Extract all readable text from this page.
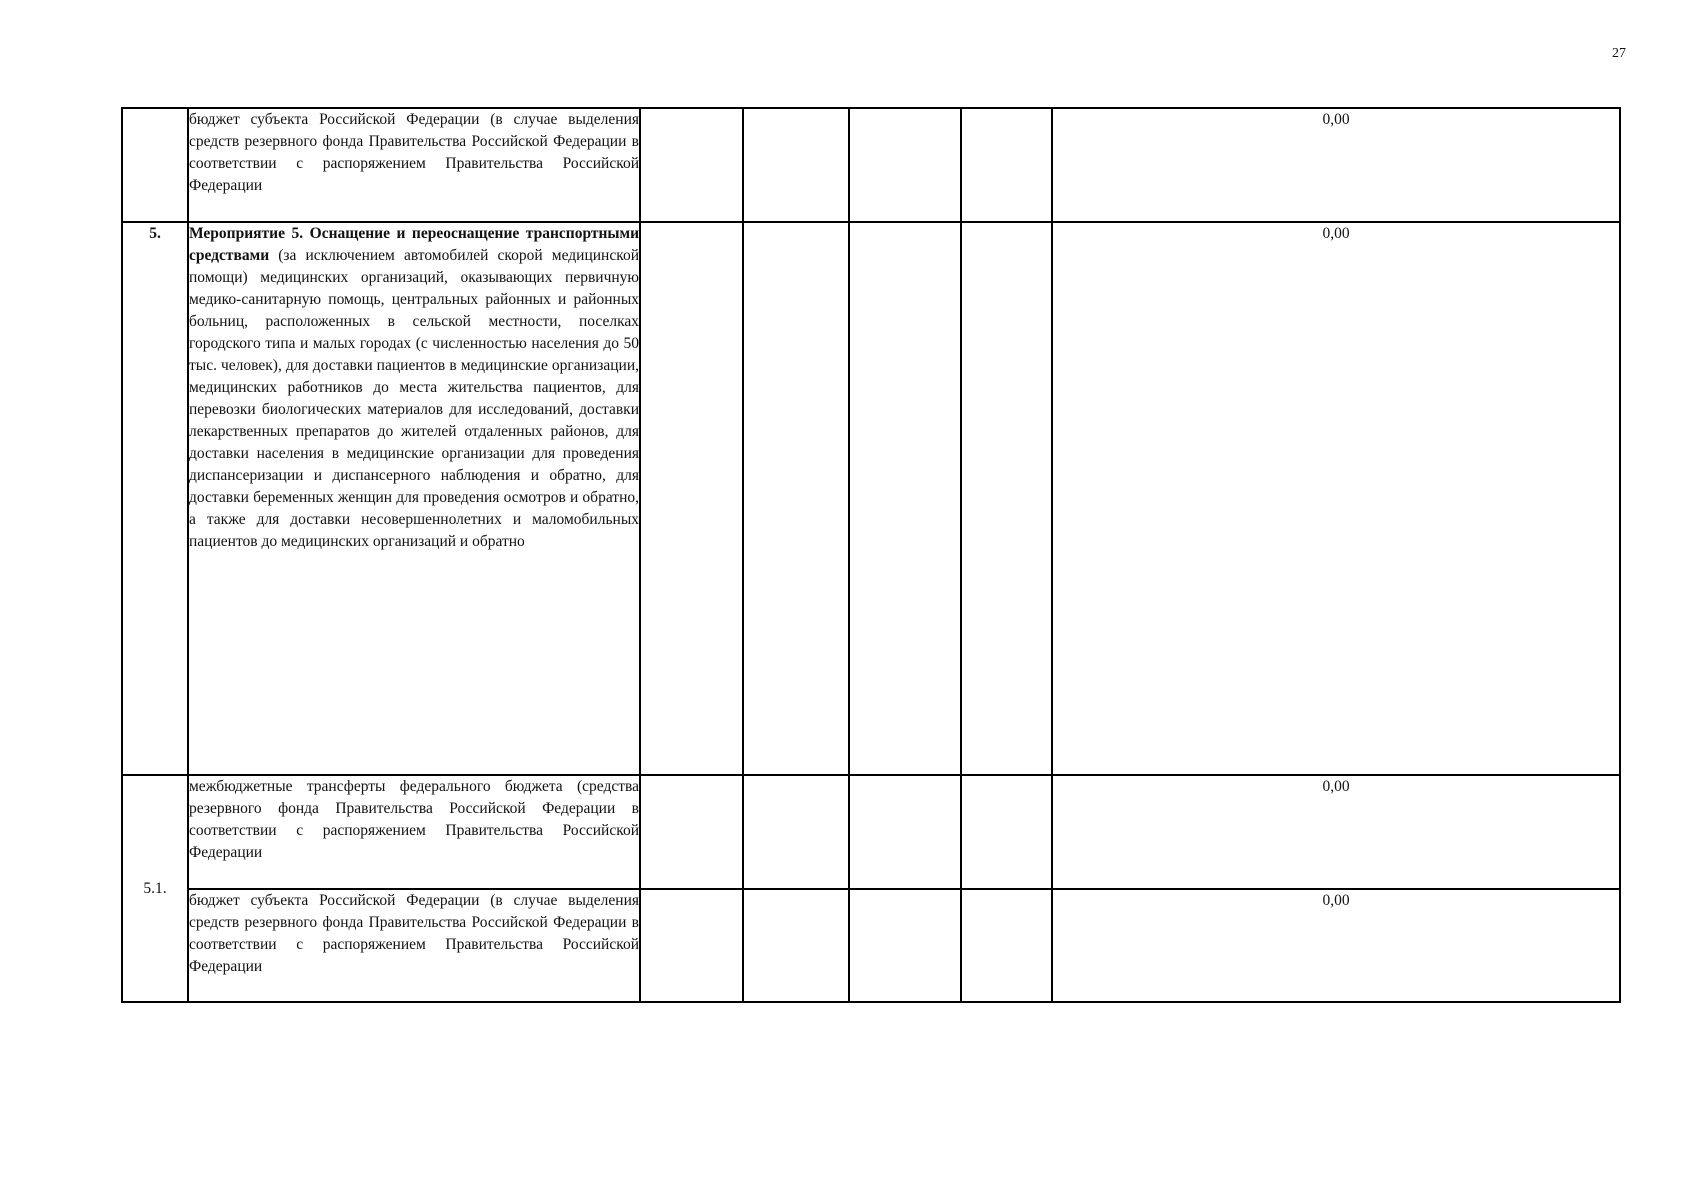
27
	бюджет субъекта Российской Федерации (в случае выделения средств резервного фонда Правительства Российской Федерации в соответствии с распоряжением Правительства Российской Федерации					0,00
5.	Мероприятие 5. Оснащение и переоснащение транспортными средствами (за исключением автомобилей скорой медицинской помощи) медицинских организаций, оказывающих первичную медико-санитарную помощь, центральных районных и районных больниц, расположенных в сельской местности, поселках городского типа и малых городах (с численностью населения до 50 тыс. человек), для доставки пациентов в медицинские организации, медицинских работников до места жительства пациентов, для перевозки биологических материалов для исследований, доставки лекарственных препаратов до жителей отдаленных районов, для доставки населения в медицинские организации для проведения диспансеризации и диспансерного наблюдения и обратно, для доставки беременных женщин для проведения осмотров и обратно, а также для доставки несовершеннолетних и маломобильных пациентов до медицинских организаций и обратно					0,00
5.1.	межбюджетные трансферты федерального бюджета (средства резервного фонда Правительства Российской Федерации в соответствии с распоряжением Правительства Российской Федерации					0,00
	бюджет субъекта Российской Федерации (в случае выделения средств резервного фонда Правительства Российской Федерации в соответствии с распоряжением Правительства Российской Федерации					0,00
